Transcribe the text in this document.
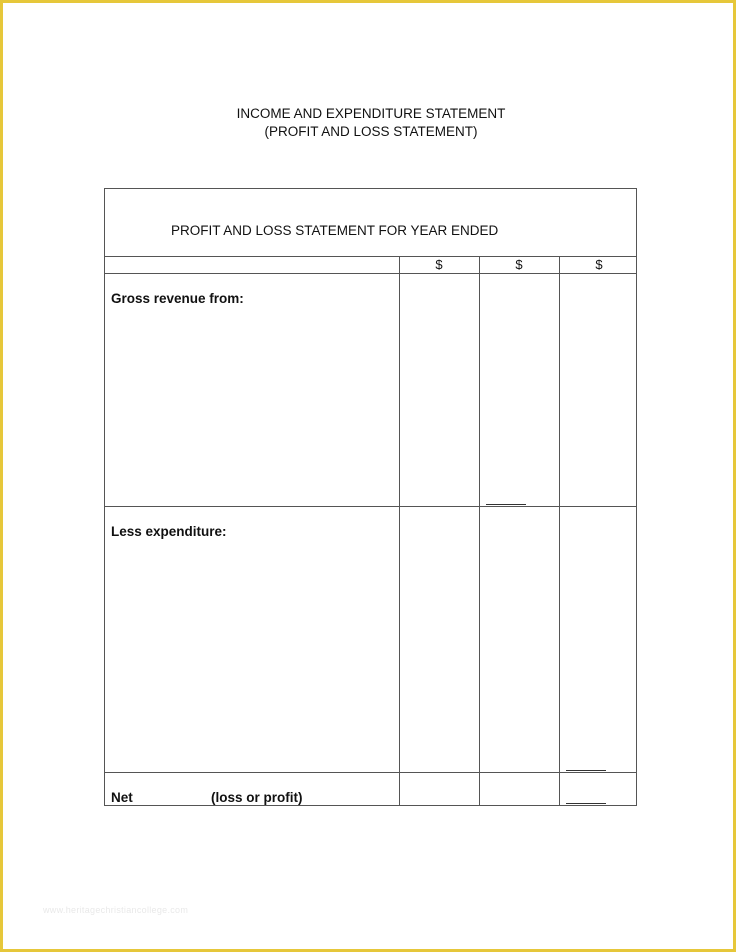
INCOME AND EXPENDITURE STATEMENT
(PROFIT AND LOSS STATEMENT)
PROFIT AND LOSS STATEMENT FOR YEAR ENDED
$	$	$
Gross revenue from:
Less expenditure:
Net	(loss or profit)
www.heritagechristiancollege.com
